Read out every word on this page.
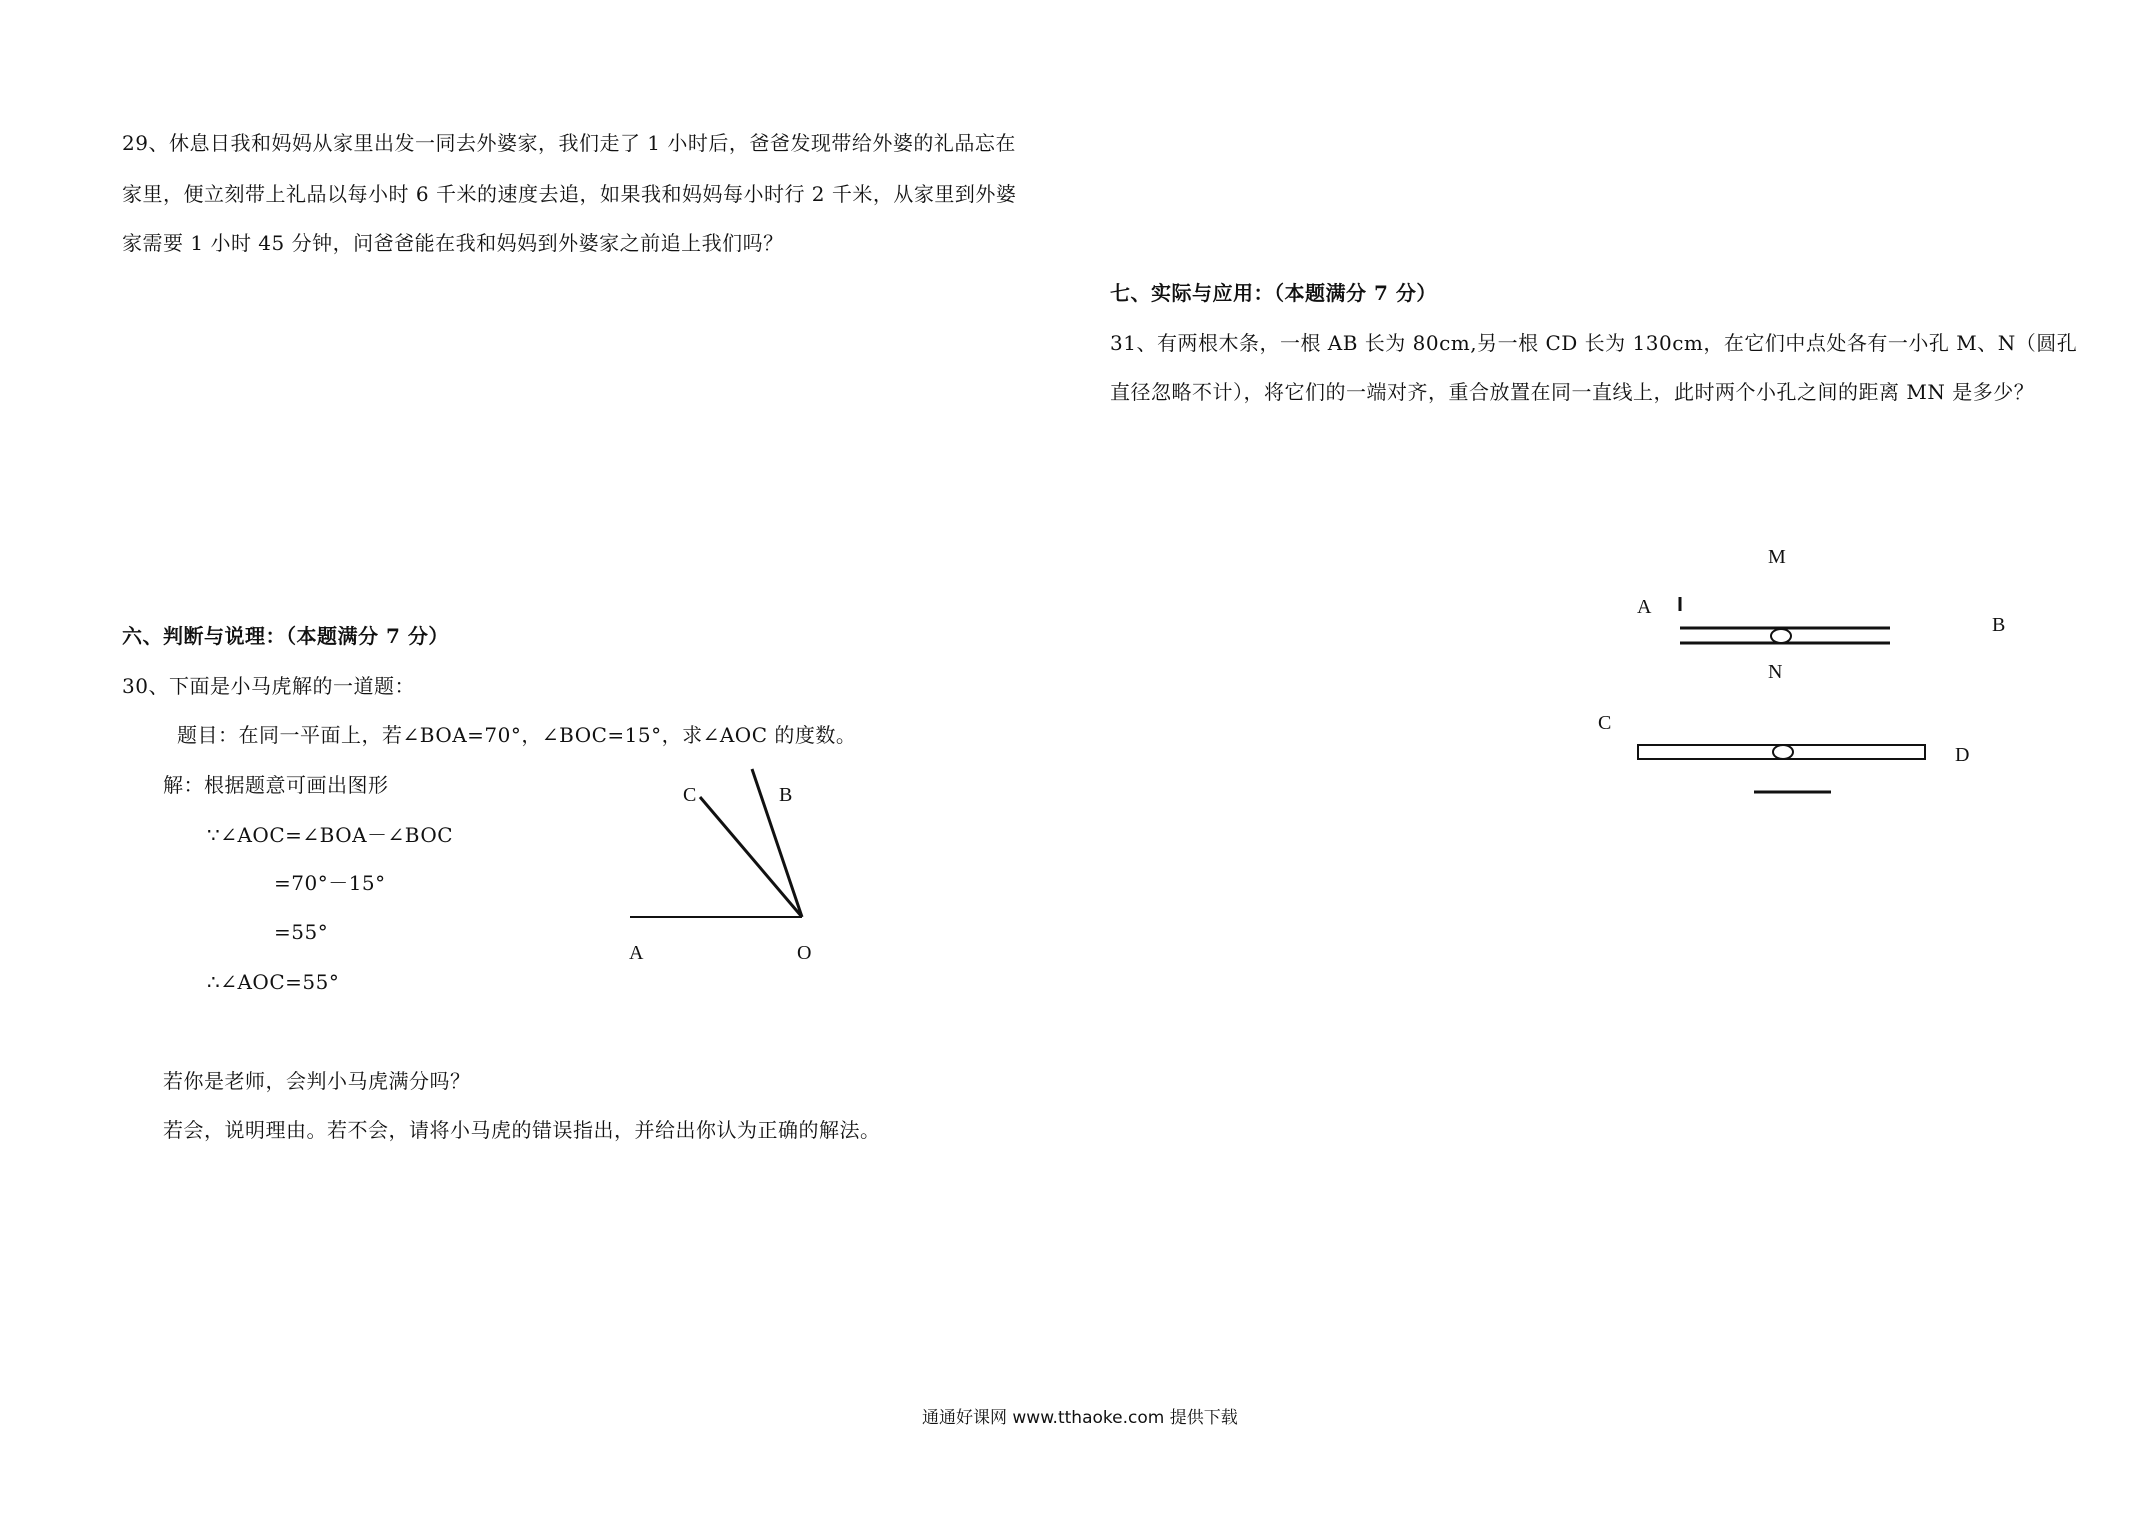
29、休息日我和妈妈从家里出发一同去外婆家，我们走了 1 小时后，爸爸发现带给外婆的礼品忘在
家里，便立刻带上礼品以每小时 6 千米的速度去追，如果我和妈妈每小时行 2 千米，从家里到外婆
家需要 1 小时 45 分钟，问爸爸能在我和妈妈到外婆家之前追上我们吗？
六、判断与说理：（本题满分 7 分）
30、下面是小马虎解的一道题：
题目：在同一平面上，若∠BOA=70°，∠BOC=15°，求∠AOC 的度数。
解：根据题意可画出图形
∵∠AOC=∠BOA－∠BOC
=70°－15°
=55°
∴∠AOC=55°
若你是老师，会判小马虎满分吗？
若会，说明理由。若不会，请将小马虎的错误指出，并给出你认为正确的解法。
C	B
A	O
七、实际与应用：（本题满分 7 分）
31、有两根木条，一根 AB 长为 80cm,另一根 CD 长为 130cm，在它们中点处各有一小孔 M、N（圆孔
直径忽略不计），将它们的一端对齐，重合放置在同一直线上，此时两个小孔之间的距离 MN 是多少？
M
A
B
N
C
D
通通好课网 www.tthaoke.com 提供下载
